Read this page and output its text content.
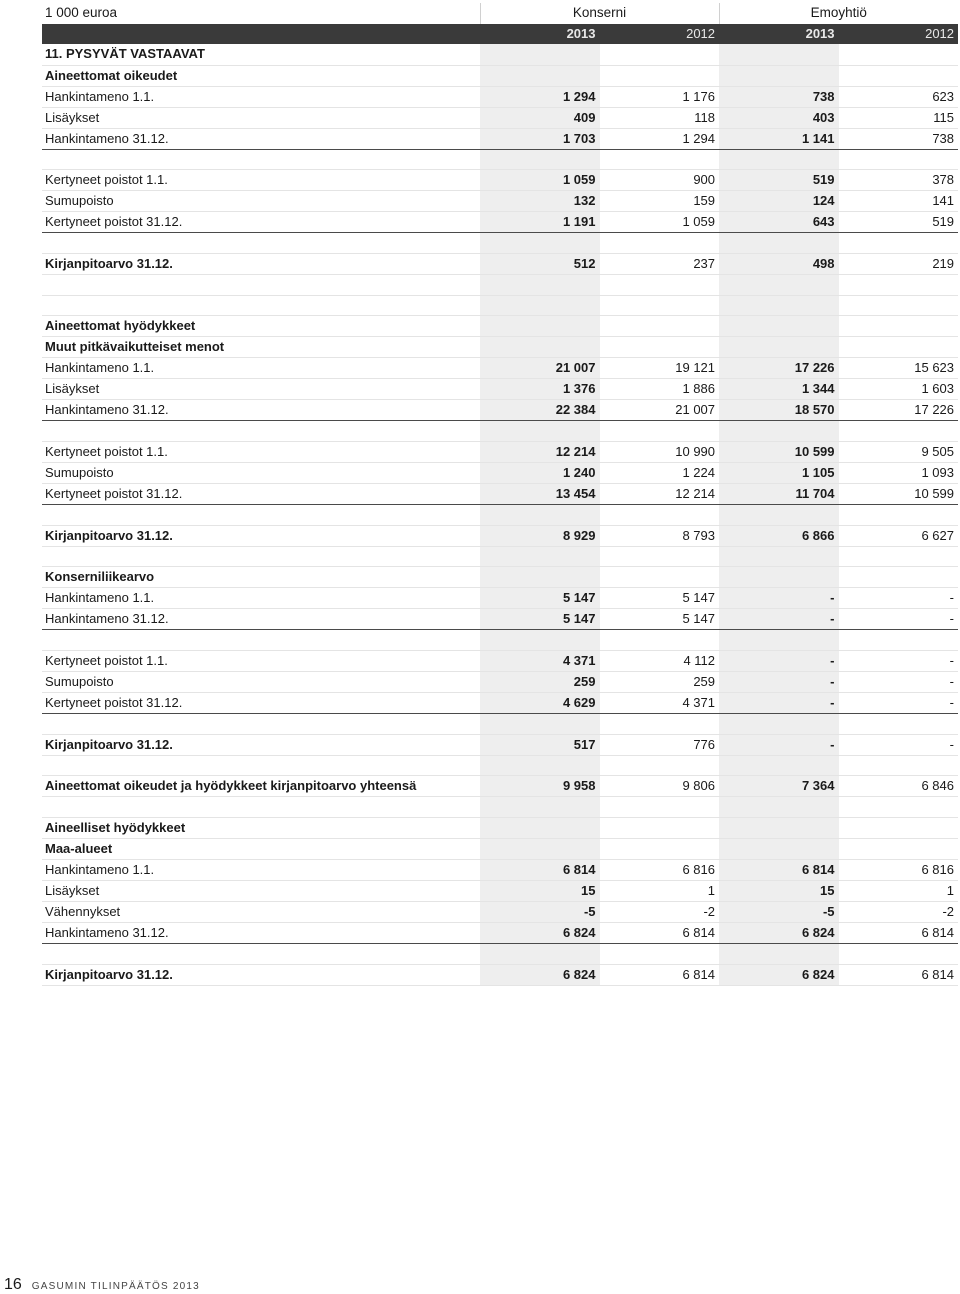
1 000 euroa	Konserni		Emoyhtiö	
	2013	2012	2013	2012
11. PYSYVÄT VASTAAVAT				
Aineettomat oikeudet				
Hankintameno 1.1.	1 294	1 176	738	623
Lisäykset	409	118	403	115
Hankintameno 31.12.	1 703	1 294	1 141	738

Kertyneet poistot 1.1.	1 059	900	519	378
Sumupoisto	132	159	124	141
Kertyneet poistot 31.12.	1 191	1 059	643	519

Kirjanpitoarvo 31.12.	512	237	498	219

Aineettomat hyödykkeet				
Muut pitkävaikutteiset menot				
Hankintameno 1.1.	21 007	19 121	17 226	15 623
Lisäykset	1 376	1 886	1 344	1 603
Hankintameno 31.12.	22 384	21 007	18 570	17 226

Kertyneet poistot 1.1.	12 214	10 990	10 599	9 505
Sumupoisto	1 240	1 224	1 105	1 093
Kertyneet poistot 31.12.	13 454	12 214	11 704	10 599

Kirjanpitoarvo 31.12.	8 929	8 793	6 866	6 627

Konserniliikearvo				
Hankintameno 1.1.	5 147	5 147	-	-
Hankintameno 31.12.	5 147	5 147	-	-

Kertyneet poistot 1.1.	4 371	4 112	-	-
Sumupoisto	259	259	-	-
Kertyneet poistot 31.12.	4 629	4 371	-	-

Kirjanpitoarvo 31.12.	517	776	-	-

Aineettomat oikeudet ja hyödykkeet kirjanpitoarvo yhteensä	9 958	9 806	7 364	6 846

Aineelliset hyödykkeet				
Maa-alueet				
Hankintameno 1.1.	6 814	6 816	6 814	6 816
Lisäykset	15	1	15	1
Vähennykset	-5	-2	-5	-2
Hankintameno 31.12.	6 824	6 814	6 824	6 814

Kirjanpitoarvo 31.12.	6 824	6 814	6 824	6 814
16 GASUMIN TILINPÄÄTÖS 2013
